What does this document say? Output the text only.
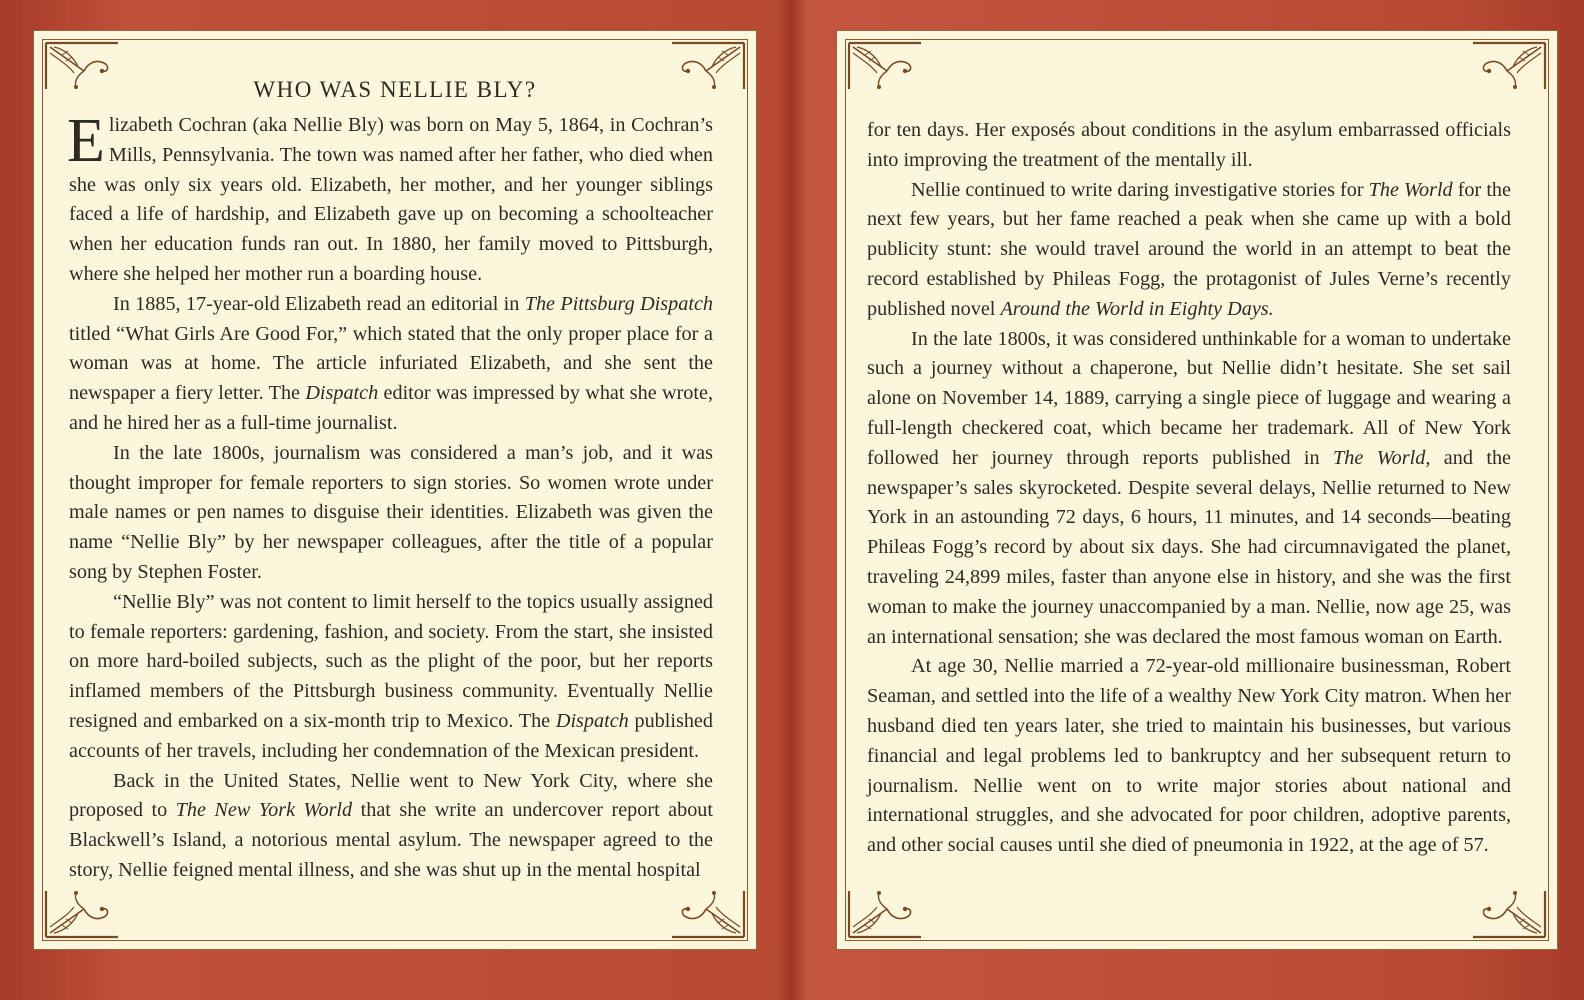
WHO WAS NELLIE BLY?

Elizabeth Cochran (aka Nellie Bly) was born on May 5, 1864, in Cochran’s Mills, Pennsylvania. The town was named after her father, who died when she was only six years old. Elizabeth, her mother, and her younger siblings faced a life of hardship, and Elizabeth gave up on becoming a schoolteacher when her education funds ran out. In 1880, her family moved to Pittsburgh, where she helped her mother run a boarding house.

In 1885, 17-year-old Elizabeth read an editorial in The Pittsburg Dispatch titled “What Girls Are Good For,” which stated that the only proper place for a woman was at home. The article infuriated Elizabeth, and she sent the newspaper a fiery letter. The Dispatch editor was impressed by what she wrote, and he hired her as a full-time journalist.

In the late 1800s, journalism was considered a man’s job, and it was thought improper for female reporters to sign stories. So women wrote under male names or pen names to disguise their identities. Elizabeth was given the name “Nellie Bly” by her newspaper colleagues, after the title of a popular song by Stephen Foster.

“Nellie Bly” was not content to limit herself to the topics usually assigned to female reporters: gardening, fashion, and society. From the start, she insisted on more hard-boiled subjects, such as the plight of the poor, but her reports inflamed members of the Pittsburgh business community. Eventually Nellie resigned and embarked on a six-month trip to Mexico. The Dispatch published accounts of her travels, including her condemnation of the Mexican president.

Back in the United States, Nellie went to New York City, where she proposed to The New York World that she write an undercover report about Blackwell’s Island, a notorious mental asylum. The newspaper agreed to the story, Nellie feigned mental illness, and she was shut up in the mental hospital

for ten days. Her exposés about conditions in the asylum embarrassed officials into improving the treatment of the mentally ill.

Nellie continued to write daring investigative stories for The World for the next few years, but her fame reached a peak when she came up with a bold publicity stunt: she would travel around the world in an attempt to beat the record established by Phileas Fogg, the protagonist of Jules Verne’s recently published novel Around the World in Eighty Days.

In the late 1800s, it was considered unthinkable for a woman to undertake such a journey without a chaperone, but Nellie didn’t hesitate. She set sail alone on November 14, 1889, carrying a single piece of luggage and wearing a full-length checkered coat, which became her trademark. All of New York followed her journey through reports published in The World, and the newspaper’s sales skyrocketed. Despite several delays, Nellie returned to New York in an astounding 72 days, 6 hours, 11 minutes, and 14 seconds—beating Phileas Fogg’s record by about six days. She had circumnavigated the planet, traveling 24,899 miles, faster than anyone else in history, and she was the first woman to make the journey unaccompanied by a man. Nellie, now age 25, was an international sensation; she was declared the most famous woman on Earth.

At age 30, Nellie married a 72-year-old millionaire businessman, Robert Seaman, and settled into the life of a wealthy New York City matron. When her husband died ten years later, she tried to maintain his businesses, but various financial and legal problems led to bankruptcy and her subsequent return to journalism. Nellie went on to write major stories about national and international struggles, and she advocated for poor children, adoptive parents, and other social causes until she died of pneumonia in 1922, at the age of 57.
